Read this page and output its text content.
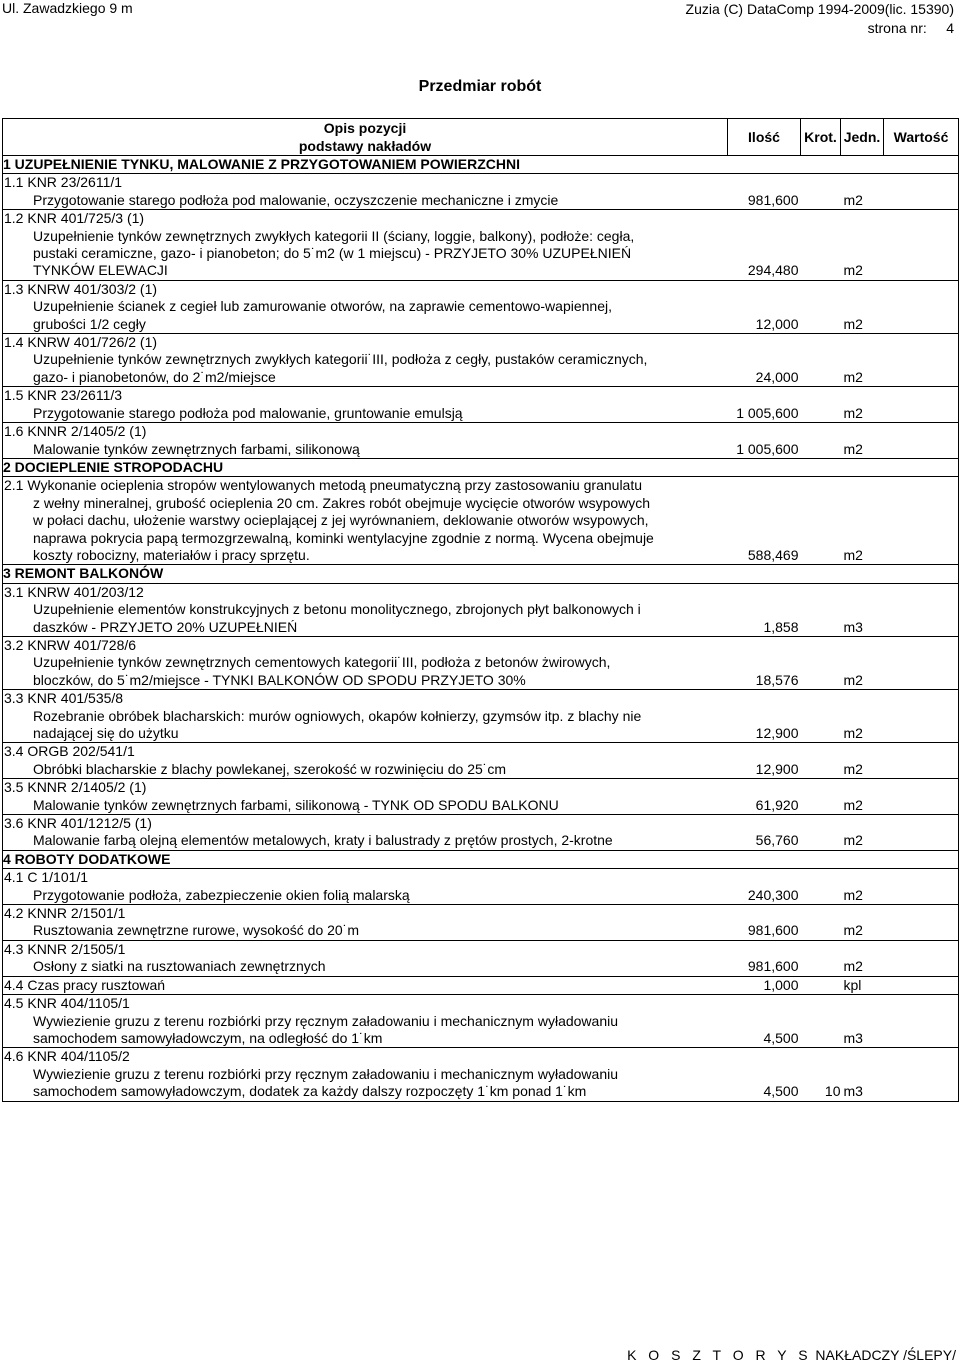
Ul. Zawadzkiego 9 m	Zuzia (C) DataComp 1994-2009(lic. 15390)
strona nr: 4
Przedmiar robót
Opis pozycji
podstawy nakładów	Ilość	Krot.	Jedn.	Wartość
1 UZUPEŁNIENIE TYNKU, MALOWANIE Z PRZYGOTOWANIEM POWIERZCHNI				
1.1 KNR 23/2611/1				
Przygotowanie starego podłoża pod malowanie, oczyszczenie mechaniczne i zmycie	981,600		m2	
1.2 KNR 401/725/3 (1)				
Uzupełnienie tynków zewnętrznych zwykłych kategorii II (ściany, loggie, balkony), podłoże: cegła,				
pustaki ceramiczne, gazo- i pianobeton; do 5˙m2 (w 1 miejscu) - PRZYJETO 30% UZUPEŁNIEŃ				
TYNKÓW ELEWACJI	294,480		m2	
1.3 KNRW 401/303/2 (1)				
Uzupełnienie ścianek z cegieł lub zamurowanie otworów, na zaprawie cementowo-wapiennej,				
grubości 1/2 cegły	12,000		m2	
1.4 KNRW 401/726/2 (1)				
Uzupełnienie tynków zewnętrznych zwykłych kategorii˙III, podłoża z cegły, pustaków ceramicznych,				
gazo- i pianobetonów, do 2˙m2/miejsce	24,000		m2	
1.5 KNR 23/2611/3				
Przygotowanie starego podłoża pod malowanie, gruntowanie emulsją	1 005,600		m2	
1.6 KNNR 2/1405/2 (1)				
Malowanie tynków zewnętrznych farbami, silikonową	1 005,600		m2	
2 DOCIEPLENIE STROPODACHU				
2.1 Wykonanie ocieplenia stropów wentylowanych metodą pneumatyczną przy zastosowaniu granulatu				
z wełny mineralnej, grubość ocieplenia 20 cm. Zakres robót obejmuje wycięcie otworów wsypowych				
w połaci dachu, ułożenie warstwy ocieplającej z jej wyrównaniem, deklowanie otworów wsypowych,				
naprawa pokrycia papą termozgrzewalną, kominki wentylacyjne zgodnie z normą. Wycena obejmuje				
koszty robocizny, materiałów i pracy sprzętu.	588,469		m2	
3 REMONT BALKONÓW				
3.1 KNRW 401/203/12				
Uzupełnienie elementów konstrukcyjnych z betonu monolitycznego, zbrojonych płyt balkonowych i				
daszków - PRZYJETO 20% UZUPEŁNIEŃ	1,858		m3	
3.2 KNRW 401/728/6				
Uzupełnienie tynków zewnętrznych cementowych kategorii˙III, podłoża z betonów żwirowych,				
bloczków, do 5˙m2/miejsce - TYNKI BALKONÓW OD SPODU PRZYJETO 30%	18,576		m2	
3.3 KNR 401/535/8				
Rozebranie obróbek blacharskich: murów ogniowych, okapów kołnierzy, gzymsów itp. z blachy nie				
nadającej się do użytku	12,900		m2	
3.4 ORGB 202/541/1				
Obróbki blacharskie z blachy powlekanej, szerokość w rozwinięciu do 25˙cm	12,900		m2	
3.5 KNNR 2/1405/2 (1)				
Malowanie tynków zewnętrznych farbami, silikonową - TYNK OD SPODU BALKONU	61,920		m2	
3.6 KNR 401/1212/5 (1)				
Malowanie farbą olejną elementów metalowych, kraty i balustrady z prętów prostych, 2-krotne	56,760		m2	
4 ROBOTY DODATKOWE				
4.1 C 1/101/1				
Przygotowanie podłoża, zabezpieczenie okien folią malarską	240,300		m2	
4.2 KNNR 2/1501/1				
Rusztowania zewnętrzne rurowe, wysokość do 20˙m	981,600		m2	
4.3 KNNR 2/1505/1				
Osłony z siatki na rusztowaniach zewnętrznych	981,600		m2	
4.4 Czas pracy rusztowań	1,000		kpl	
4.5 KNR 404/1105/1				
Wywiezienie gruzu z terenu rozbiórki przy ręcznym załadowaniu i mechanicznym wyładowaniu				
samochodem samowyładowczym, na odległość do 1˙km	4,500		m3	
4.6 KNR 404/1105/2				
Wywiezienie gruzu z terenu rozbiórki przy ręcznym załadowaniu i mechanicznym wyładowaniu				
samochodem samowyładowczym, dodatek za każdy dalszy rozpoczęty 1˙km ponad 1˙km	4,500	10	m3	
K O S Z T O R Y S NAKŁADCZY /ŚLEPY/
